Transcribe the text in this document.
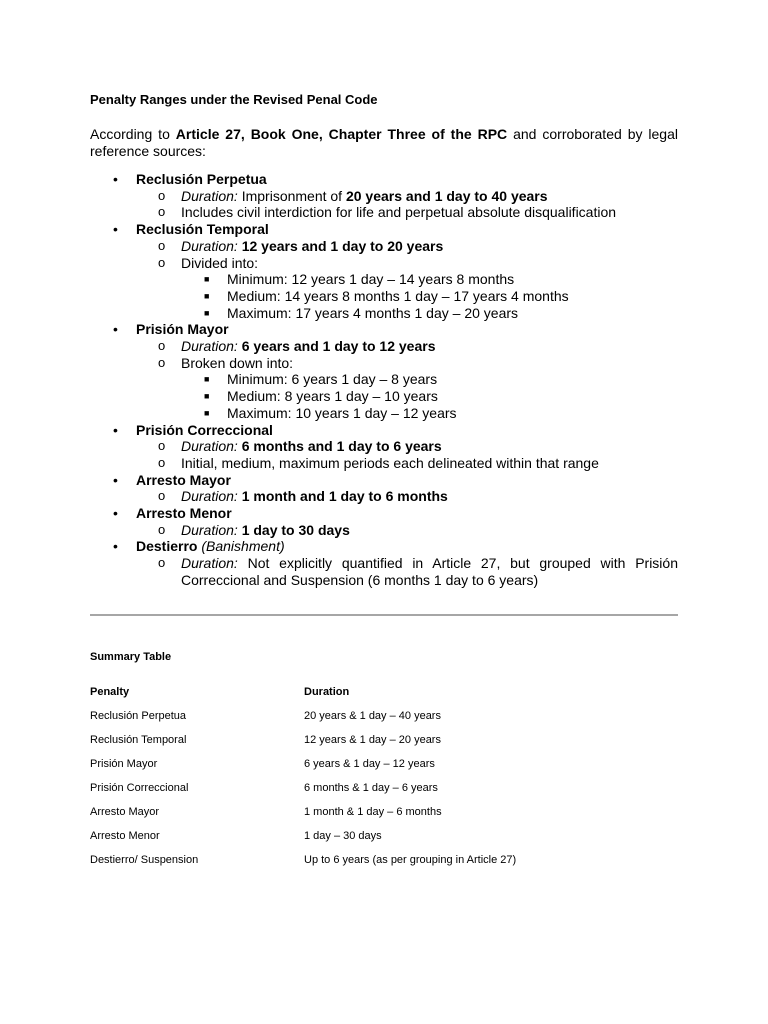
Penalty Ranges under the Revised Penal Code

According to Article 27, Book One, Chapter Three of the RPC and corroborated by legal reference sources:

•	Reclusión Perpetua
o Duration: Imprisonment of 20 years and 1 day to 40 years
o Includes civil interdiction for life and perpetual absolute disqualification
•	Reclusión Temporal
o Duration: 12 years and 1 day to 20 years
o Divided into:
■ Minimum: 12 years 1 day – 14 years 8 months
■ Medium: 14 years 8 months 1 day – 17 years 4 months
■ Maximum: 17 years 4 months 1 day – 20 years
•	Prisión Mayor
o Duration: 6 years and 1 day to 12 years
o Broken down into:
■ Minimum: 6 years 1 day – 8 years
■ Medium: 8 years 1 day – 10 years
■ Maximum: 10 years 1 day – 12 years
•	Prisión Correccional
o Duration: 6 months and 1 day to 6 years
o Initial, medium, maximum periods each delineated within that range
•	Arresto Mayor
o Duration: 1 month and 1 day to 6 months
•	Arresto Menor
o Duration: 1 day to 30 days
•	Destierro (Banishment)
o Duration: Not explicitly quantified in Article 27, but grouped with Prisión Correccional and Suspension (6 months 1 day to 6 years)

Summary Table

Penalty	Duration
Reclusión Perpetua	20 years & 1 day – 40 years
Reclusión Temporal	12 years & 1 day – 20 years
Prisión Mayor	6 years & 1 day – 12 years
Prisión Correccional	6 months & 1 day – 6 years
Arresto Mayor	1 month & 1 day – 6 months
Arresto Menor	1 day – 30 days
Destierro/ Suspension	Up to 6 years (as per grouping in Article 27)
